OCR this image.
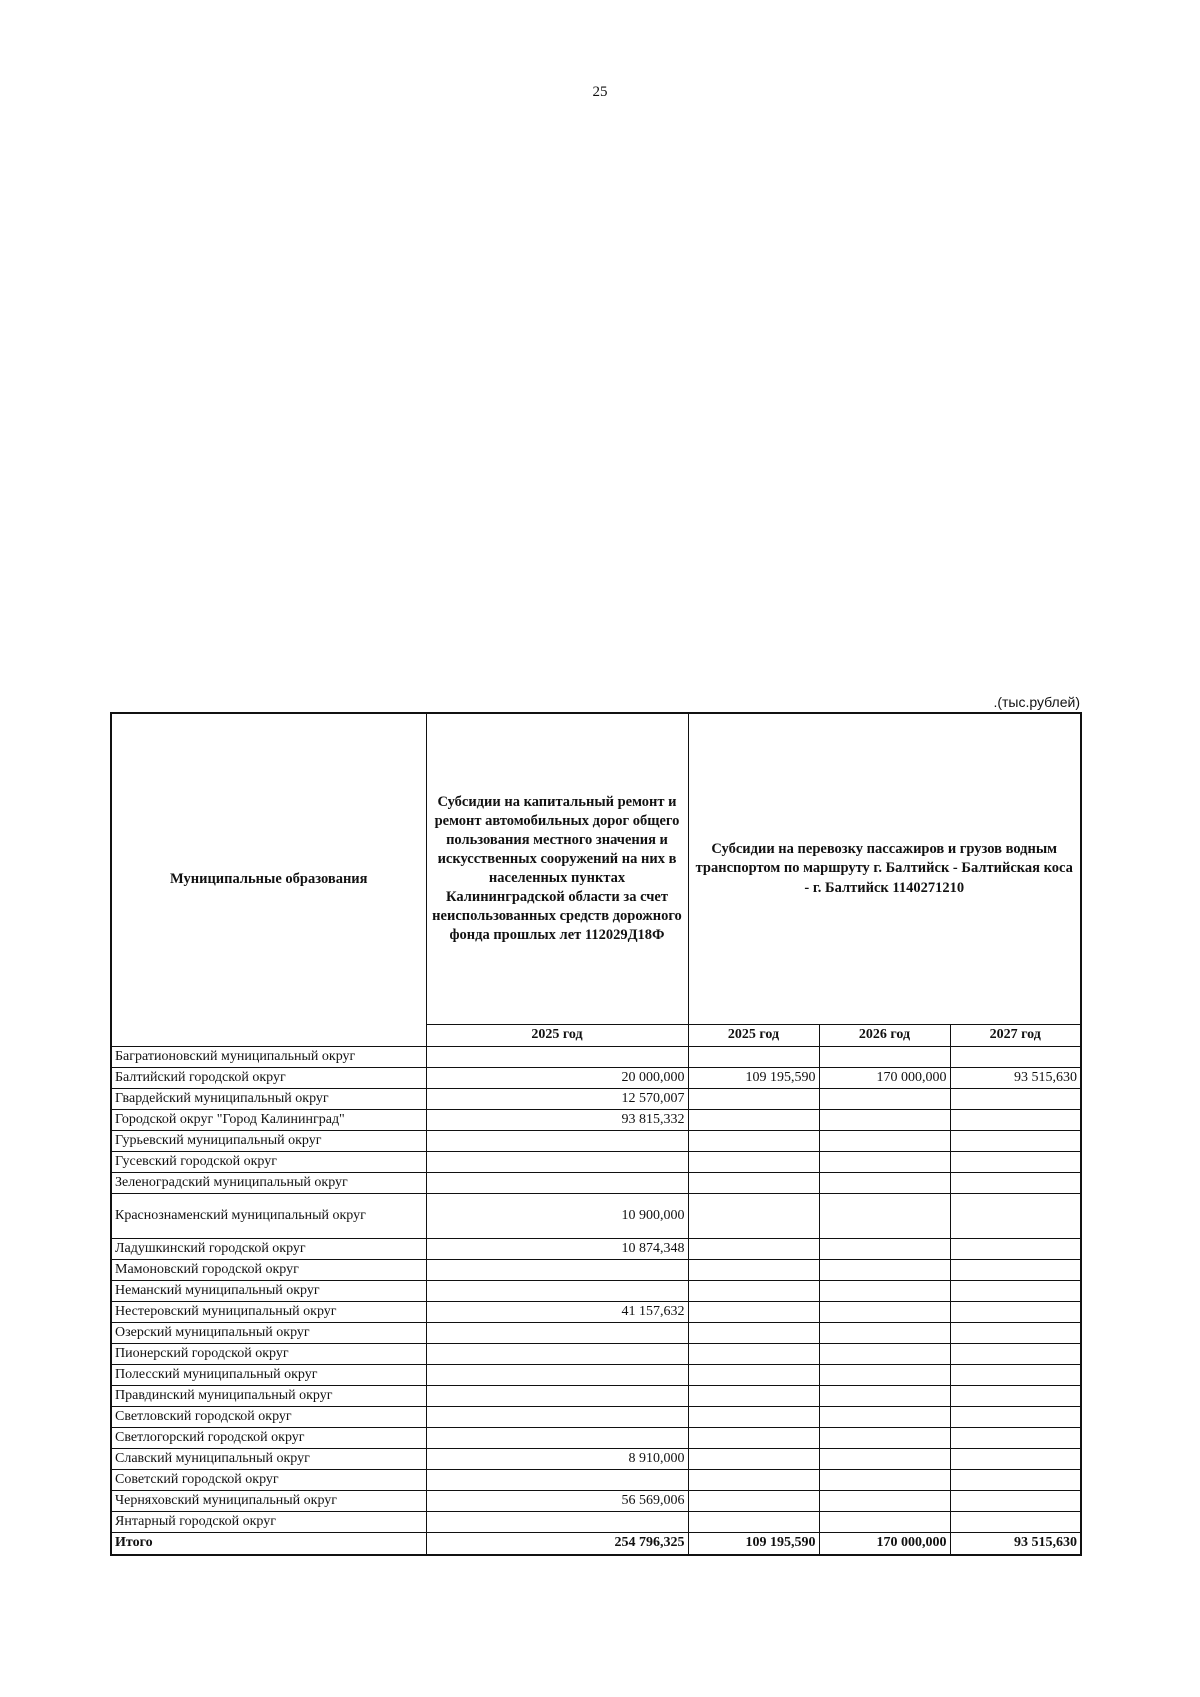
25
.(тыс.рублей)
Муниципальные образования	Субсидии на капитальный ремонт и ремонт автомобильных дорог общего пользования местного значения и искусственных сооружений на них в населенных пунктах Калининградской области за счет неиспользованных средств дорожного фонда прошлых лет 112029Д18Ф	Субсидии на перевозку пассажиров и грузов водным транспортом по маршруту г. Балтийск - Балтийская коса - г. Балтийск 1140271210		
	2025 год	2025 год	2026 год	2027 год
Багратионовский муниципальный округ				
Балтийский городской округ	20 000,000	109 195,590	170 000,000	93 515,630
Гвардейский муниципальный округ	12 570,007			
Городской округ "Город Калининград"	93 815,332			
Гурьевский муниципальный округ				
Гусевский городской округ				
Зеленоградский муниципальный округ				
Краснознаменский муниципальный округ	10 900,000			
Ладушкинский городской округ	10 874,348			
Мамоновский городской округ				
Неманский муниципальный округ				
Нестеровский муниципальный округ	41 157,632			
Озерский муниципальный округ				
Пионерский городской округ				
Полесский муниципальный округ				
Правдинский муниципальный округ				
Светловский городской округ				
Светлогорский городской округ				
Славский муниципальный округ	8 910,000			
Советский городской округ				
Черняховский муниципальный округ	56 569,006			
Янтарный городской округ				
Итого	254 796,325	109 195,590	170 000,000	93 515,630
